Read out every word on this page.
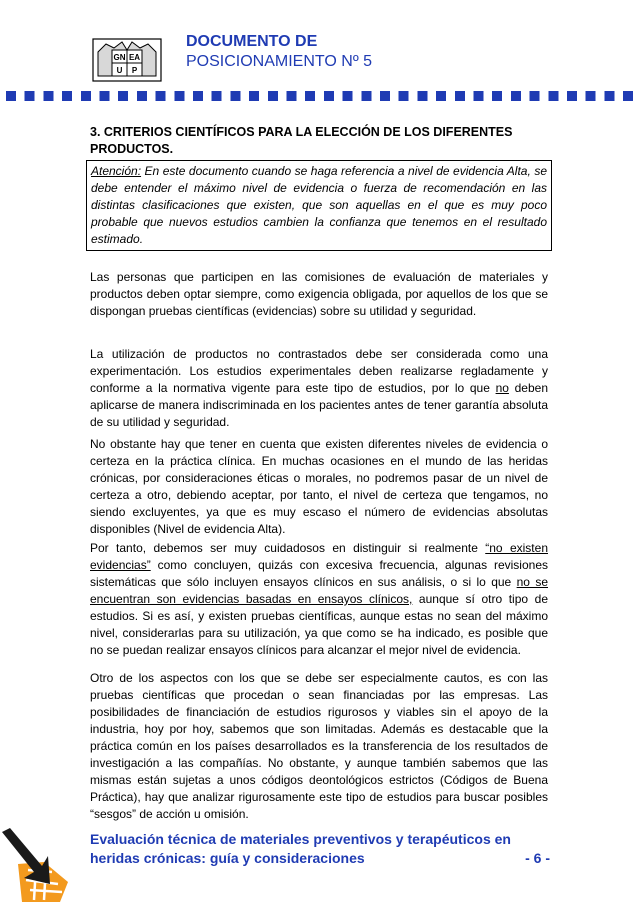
GN EA
U P
DOCUMENTO DE
POSICIONAMIENTO Nº 5

3. CRITERIOS CIENTÍFICOS PARA LA ELECCIÓN DE LOS DIFERENTES PRODUCTOS.

Atención: En este documento cuando se haga referencia a nivel de evidencia Alta, se debe entender el máximo nivel de evidencia o fuerza de recomendación en las distintas clasificaciones que existen, que son aquellas en el que es muy poco probable que nuevos estudios cambien la confianza que tenemos en el resultado estimado.

Las personas que participen en las comisiones de evaluación de materiales y productos deben optar siempre, como exigencia obligada, por aquellos de los que se dispongan pruebas científicas (evidencias) sobre su utilidad y seguridad.

La utilización de productos no contrastados debe ser considerada como una experimentación. Los estudios experimentales deben realizarse regladamente y conforme a la normativa vigente para este tipo de estudios, por lo que no deben aplicarse de manera indiscriminada en los pacientes antes de tener garantía absoluta de su utilidad y seguridad.

No obstante hay que tener en cuenta que existen diferentes niveles de evidencia o certeza en la práctica clínica. En muchas ocasiones en el mundo de las heridas crónicas, por consideraciones éticas o morales, no podremos pasar de un nivel de certeza a otro, debiendo aceptar, por tanto, el nivel de certeza que tengamos, no siendo excluyentes, ya que es muy escaso el número de evidencias absolutas disponibles (Nivel de evidencia Alta).

Por tanto, debemos ser muy cuidadosos en distinguir si realmente “no existen evidencias” como concluyen, quizás con excesiva frecuencia, algunas revisiones sistemáticas que sólo incluyen ensayos clínicos en sus análisis, o si lo que no se encuentran son evidencias basadas en ensayos clínicos, aunque sí otro tipo de estudios. Si es así, y existen pruebas científicas, aunque estas no sean del máximo nivel, considerarlas para su utilización, ya que como se ha indicado, es posible que no se puedan realizar ensayos clínicos para alcanzar el mejor nivel de evidencia.

Otro de los aspectos con los que se debe ser especialmente cautos, es con las pruebas científicas que procedan o sean financiadas por las empresas. Las posibilidades de financiación de estudios rigurosos y viables sin el apoyo de la industria, hoy por hoy, sabemos que son limitadas. Además es destacable que la práctica común en los países desarrollados es la transferencia de los resultados de investigación a las compañías. No obstante, y aunque también sabemos que las mismas están sujetas a unos códigos deontológicos estrictos (Códigos de Buena Práctica), hay que analizar rigurosamente este tipo de estudios para buscar posibles “sesgos” de acción u omisión.

Evaluación técnica de materiales preventivos y terapéuticos en
heridas crónicas: guía y consideraciones	- 6 -
